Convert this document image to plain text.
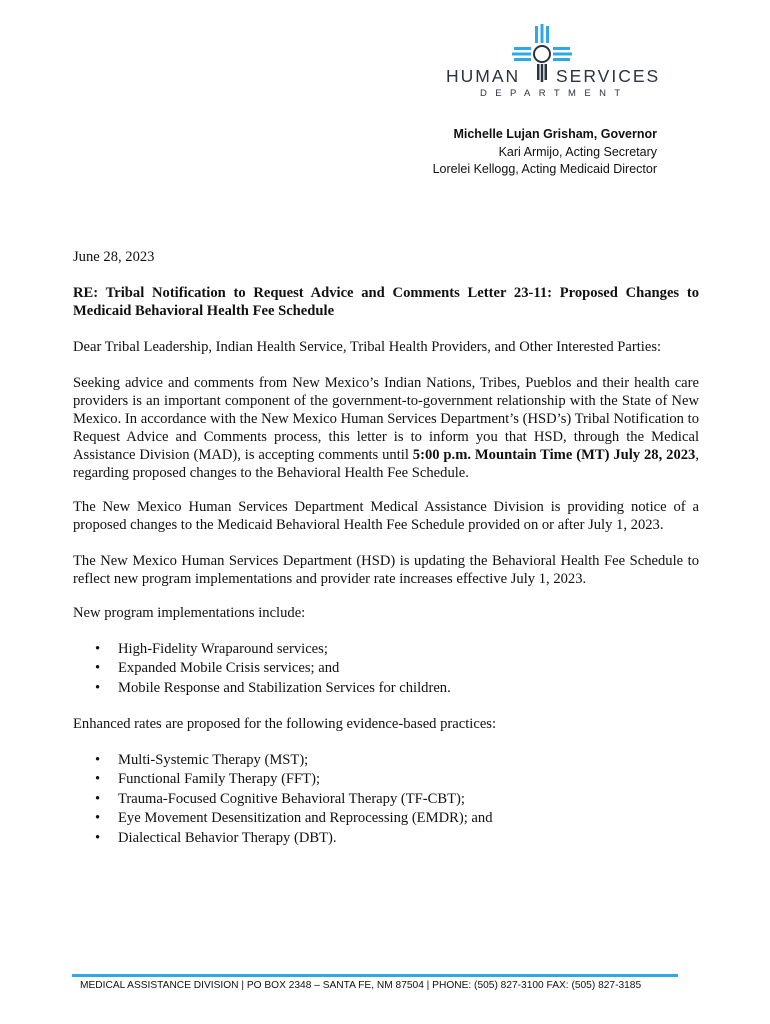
HUMAN SERVICES
DEPARTMENT
Michelle Lujan Grisham, Governor
Kari Armijo, Acting Secretary
Lorelei Kellogg, Acting Medicaid Director
June 28, 2023
RE: Tribal Notification to Request Advice and Comments Letter 23-11: Proposed Changes to Medicaid Behavioral Health Fee Schedule
Dear Tribal Leadership, Indian Health Service, Tribal Health Providers, and Other Interested Parties:
Seeking advice and comments from New Mexico’s Indian Nations, Tribes, Pueblos and their health care providers is an important component of the government-to-government relationship with the State of New Mexico. In accordance with the New Mexico Human Services Department’s (HSD’s) Tribal Notification to Request Advice and Comments process, this letter is to inform you that HSD, through the Medical Assistance Division (MAD), is accepting comments until 5:00 p.m. Mountain Time (MT) July 28, 2023, regarding proposed changes to the Behavioral Health Fee Schedule.
The New Mexico Human Services Department Medical Assistance Division is providing notice of a proposed changes to the Medicaid Behavioral Health Fee Schedule provided on or after July 1, 2023.
The New Mexico Human Services Department (HSD) is updating the Behavioral Health Fee Schedule to reflect new program implementations and provider rate increases effective July 1, 2023.
New program implementations include:
• High-Fidelity Wraparound services;
• Expanded Mobile Crisis services; and
• Mobile Response and Stabilization Services for children.
Enhanced rates are proposed for the following evidence-based practices:
• Multi-Systemic Therapy (MST);
• Functional Family Therapy (FFT);
• Trauma-Focused Cognitive Behavioral Therapy (TF-CBT);
• Eye Movement Desensitization and Reprocessing (EMDR); and
• Dialectical Behavior Therapy (DBT).
MEDICAL ASSISTANCE DIVISION | PO BOX 2348 – SANTA FE, NM 87504 | PHONE: (505) 827-3100 FAX: (505) 827-3185
